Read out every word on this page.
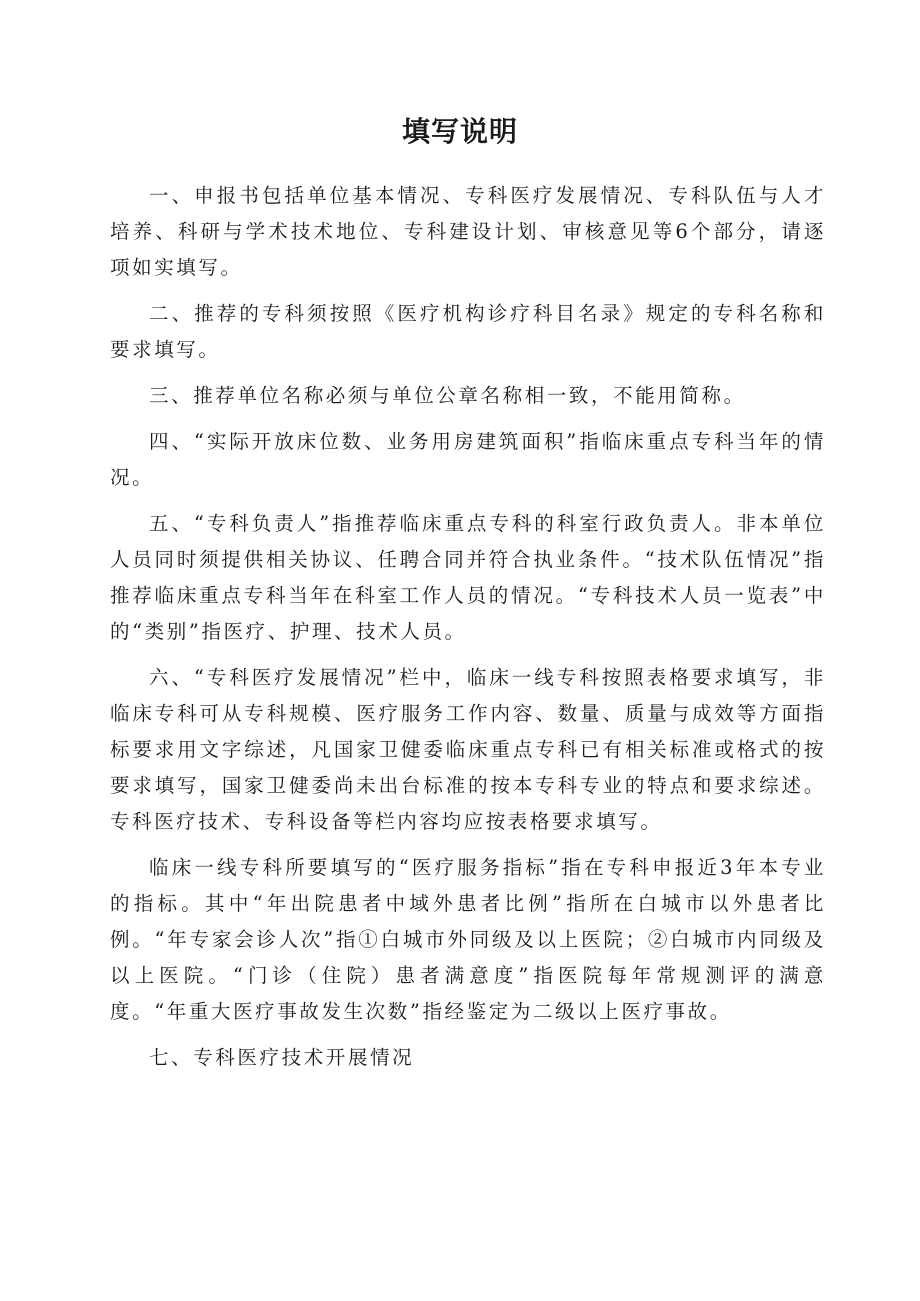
填写说明

一、申报书包括单位基本情况、专科医疗发展情况、专科队伍与人才培养、科研与学术技术地位、专科建设计划、审核意见等6个部分，请逐项如实填写。

二、推荐的专科须按照《医疗机构诊疗科目名录》规定的专科名称和要求填写。

三、推荐单位名称必须与单位公章名称相一致，不能用简称。

四、“实际开放床位数、业务用房建筑面积”指临床重点专科当年的情况。

五、“专科负责人”指推荐临床重点专科的科室行政负责人。非本单位人员同时须提供相关协议、任聘合同并符合执业条件。“技术队伍情况”指推荐临床重点专科当年在科室工作人员的情况。“专科技术人员一览表”中的“类别”指医疗、护理、技术人员。

六、“专科医疗发展情况”栏中，临床一线专科按照表格要求填写，非临床专科可从专科规模、医疗服务工作内容、数量、质量与成效等方面指标要求用文字综述，凡国家卫健委临床重点专科已有相关标准或格式的按要求填写，国家卫健委尚未出台标准的按本专科专业的特点和要求综述。专科医疗技术、专科设备等栏内容均应按表格要求填写。

临床一线专科所要填写的“医疗服务指标”指在专科申报近3年本专业的指标。其中“年出院患者中域外患者比例”指所在白城市以外患者比例。“年专家会诊人次”指①白城市外同级及以上医院；②白城市内同级及以上医院。“门诊（住院）患者满意度”指医院每年常规测评的满意度。“年重大医疗事故发生次数”指经鉴定为二级以上医疗事故。

七、专科医疗技术开展情况
